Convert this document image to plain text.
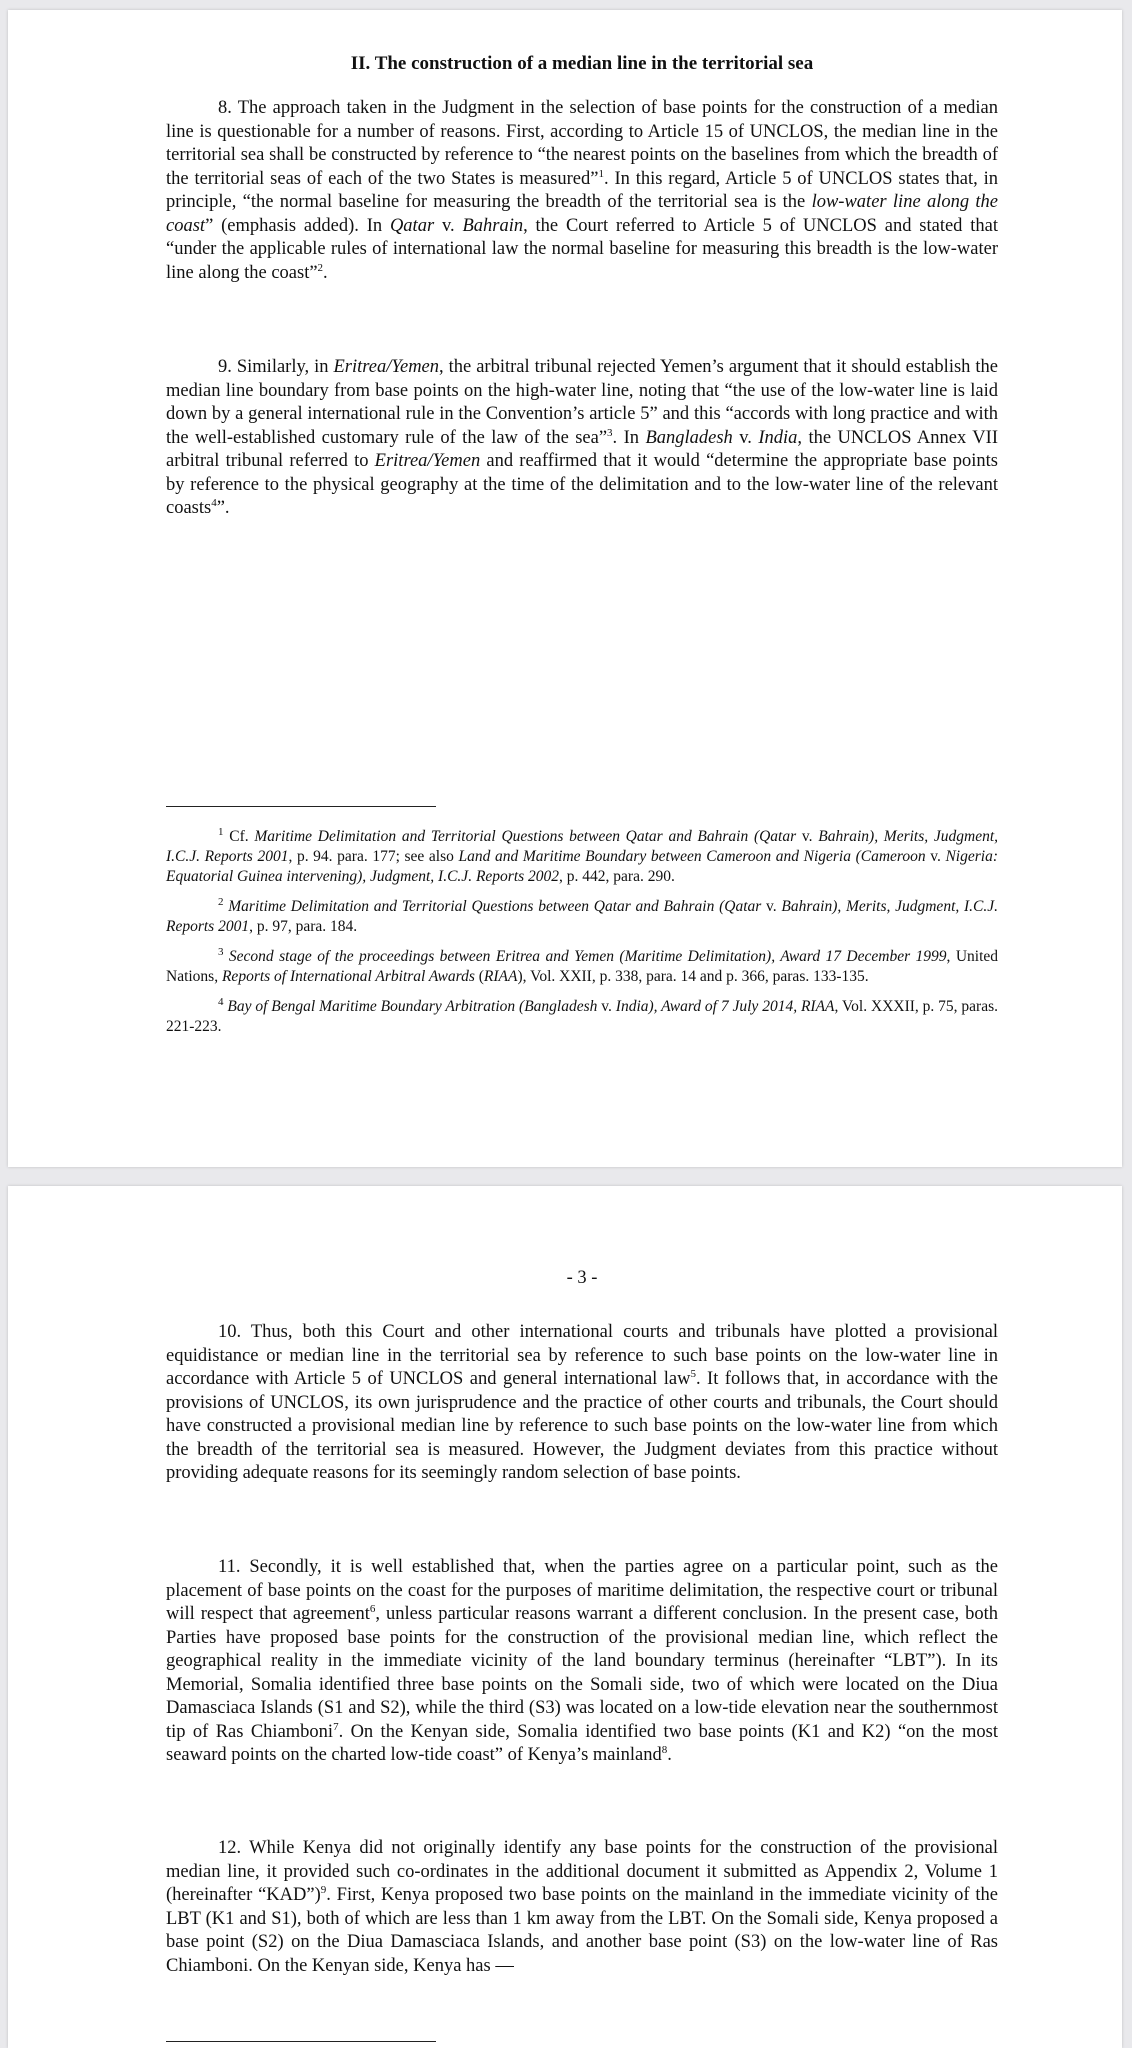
II. The construction of a median line in the territorial sea

8. The approach taken in the Judgment in the selection of base points for the construction of a median line is questionable for a number of reasons. First, according to Article 15 of UNCLOS, the median line in the territorial sea shall be constructed by reference to “the nearest points on the baselines from which the breadth of the territorial seas of each of the two States is measured”$^1$. In this regard, Article 5 of UNCLOS states that, in principle, “the normal baseline for measuring the breadth of the territorial sea is the low-water line along the coast” (emphasis added). In Qatar v. Bahrain, the Court referred to Article 5 of UNCLOS and stated that “under the applicable rules of international law the normal baseline for measuring this breadth is the low-water line along the coast”$^2$.

9. Similarly, in Eritrea/Yemen, the arbitral tribunal rejected Yemen’s argument that it should establish the median line boundary from base points on the high-water line, noting that “the use of the low-water line is laid down by a general international rule in the Convention’s article 5” and this “accords with long practice and with the well-established customary rule of the law of the sea”$^3$. In Bangladesh v. India, the UNCLOS Annex VII arbitral tribunal referred to Eritrea/Yemen and reaffirmed that it would “determine the appropriate base points by reference to the physical geography at the time of the delimitation and to the low-water line of the relevant coasts$^4$”.

$^1$ Cf. Maritime Delimitation and Territorial Questions between Qatar and Bahrain (Qatar v. Bahrain), Merits, Judgment, I.C.J. Reports 2001, p. 94. para. 177; see also Land and Maritime Boundary between Cameroon and Nigeria (Cameroon v. Nigeria: Equatorial Guinea intervening), Judgment, I.C.J. Reports 2002, p. 442, para. 290.

$^2$ Maritime Delimitation and Territorial Questions between Qatar and Bahrain (Qatar v. Bahrain), Merits, Judgment, I.C.J. Reports 2001, p. 97, para. 184.

$^3$ Second stage of the proceedings between Eritrea and Yemen (Maritime Delimitation), Award 17 December 1999, United Nations, Reports of International Arbitral Awards (RIAA), Vol. XXII, p. 338, para. 14 and p. 366, paras. 133-135.

$^4$ Bay of Bengal Maritime Boundary Arbitration (Bangladesh v. India), Award of 7 July 2014, RIAA, Vol. XXXII, p. 75, paras. 221-223.

- 3 -

10. Thus, both this Court and other international courts and tribunals have plotted a provisional equidistance or median line in the territorial sea by reference to such base points on the low-water line in accordance with Article 5 of UNCLOS and general international law$^5$. It follows that, in accordance with the provisions of UNCLOS, its own jurisprudence and the practice of other courts and tribunals, the Court should have constructed a provisional median line by reference to such base points on the low-water line from which the breadth of the territorial sea is measured. However, the Judgment deviates from this practice without providing adequate reasons for its seemingly random selection of base points.

11. Secondly, it is well established that, when the parties agree on a particular point, such as the placement of base points on the coast for the purposes of maritime delimitation, the respective court or tribunal will respect that agreement$^6$, unless particular reasons warrant a different conclusion. In the present case, both Parties have proposed base points for the construction of the provisional median line, which reflect the geographical reality in the immediate vicinity of the land boundary terminus (hereinafter “LBT”). In its Memorial, Somalia identified three base points on the Somali side, two of which were located on the Diua Damasciaca Islands (S1 and S2), while the third (S3) was located on a low-tide elevation near the southernmost tip of Ras Chiamboni$^7$. On the Kenyan side, Somalia identified two base points (K1 and K2) “on the most seaward points on the charted low-tide coast” of Kenya’s mainland$^8$.

12. While Kenya did not originally identify any base points for the construction of the provisional median line, it provided such co-ordinates in the additional document it submitted as Appendix 2, Volume 1 (hereinafter “KAD”)$^9$. First, Kenya proposed two base points on the mainland in the immediate vicinity of the LBT (K1 and S1), both of which are less than 1 km away from the LBT. On the Somali side, Kenya proposed a base point (S2) on the Diua Damasciaca Islands, and another base point (S3) on the low-water line of Ras Chiamboni. On the Kenyan side, Kenya has —
